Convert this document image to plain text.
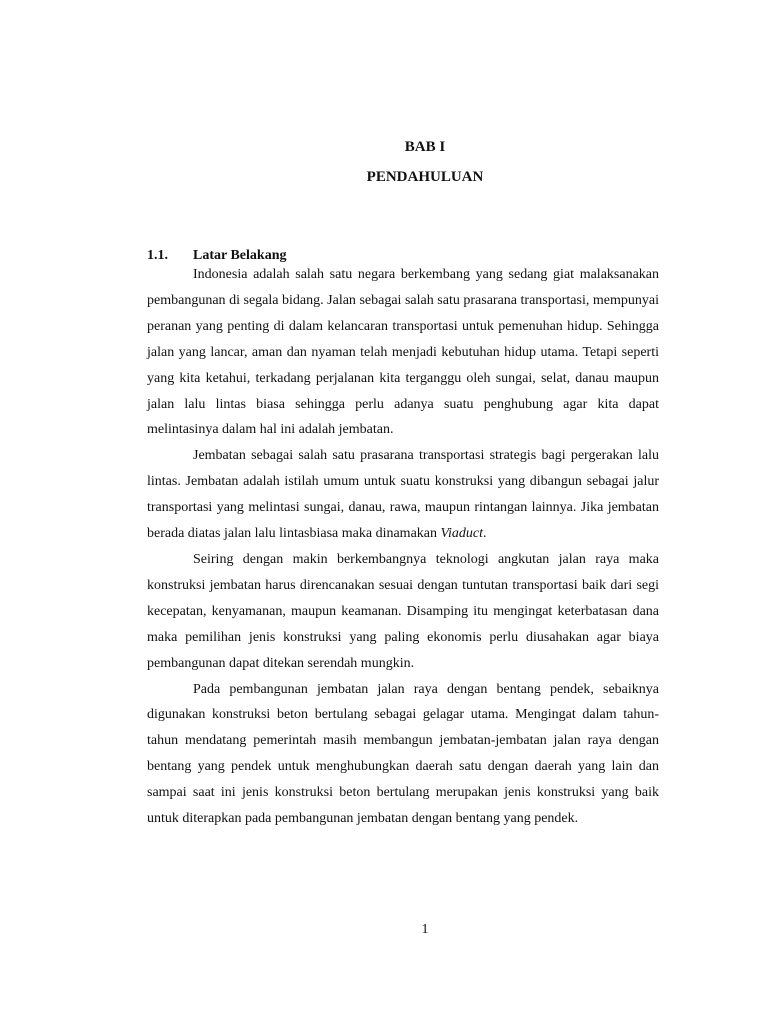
BAB I
PENDAHULUAN
1.1. Latar Belakang

Indonesia adalah salah satu negara berkembang yang sedang giat malaksanakan pembangunan di segala bidang. Jalan sebagai salah satu prasarana transportasi, mempunyai peranan yang penting di dalam kelancaran transportasi untuk pemenuhan hidup. Sehingga jalan yang lancar, aman dan nyaman telah menjadi kebutuhan hidup utama. Tetapi seperti yang kita ketahui, terkadang perjalanan kita terganggu oleh sungai, selat, danau maupun jalan lalu lintas biasa sehingga perlu adanya suatu penghubung agar kita dapat melintasinya dalam hal ini adalah jembatan.

Jembatan sebagai salah satu prasarana transportasi strategis bagi pergerakan lalu lintas. Jembatan adalah istilah umum untuk suatu konstruksi yang dibangun sebagai jalur transportasi yang melintasi sungai, danau, rawa, maupun rintangan lainnya. Jika jembatan berada diatas jalan lalu lintasbiasa maka dinamakan Viaduct.

Seiring dengan makin berkembangnya teknologi angkutan jalan raya maka konstruksi jembatan harus direncanakan sesuai dengan tuntutan transportasi baik dari segi kecepatan, kenyamanan, maupun keamanan. Disamping itu mengingat keterbatasan dana maka pemilihan jenis konstruksi yang paling ekonomis perlu diusahakan agar biaya pembangunan dapat ditekan serendah mungkin.

Pada pembangunan jembatan jalan raya dengan bentang pendek, sebaiknya digunakan konstruksi beton bertulang sebagai gelagar utama. Mengingat dalam tahun-tahun mendatang pemerintah masih membangun jembatan-jembatan jalan raya dengan bentang yang pendek untuk menghubungkan daerah satu dengan daerah yang lain dan sampai saat ini jenis konstruksi beton bertulang merupakan jenis konstruksi yang baik untuk diterapkan pada pembangunan jembatan dengan bentang yang pendek.

1
